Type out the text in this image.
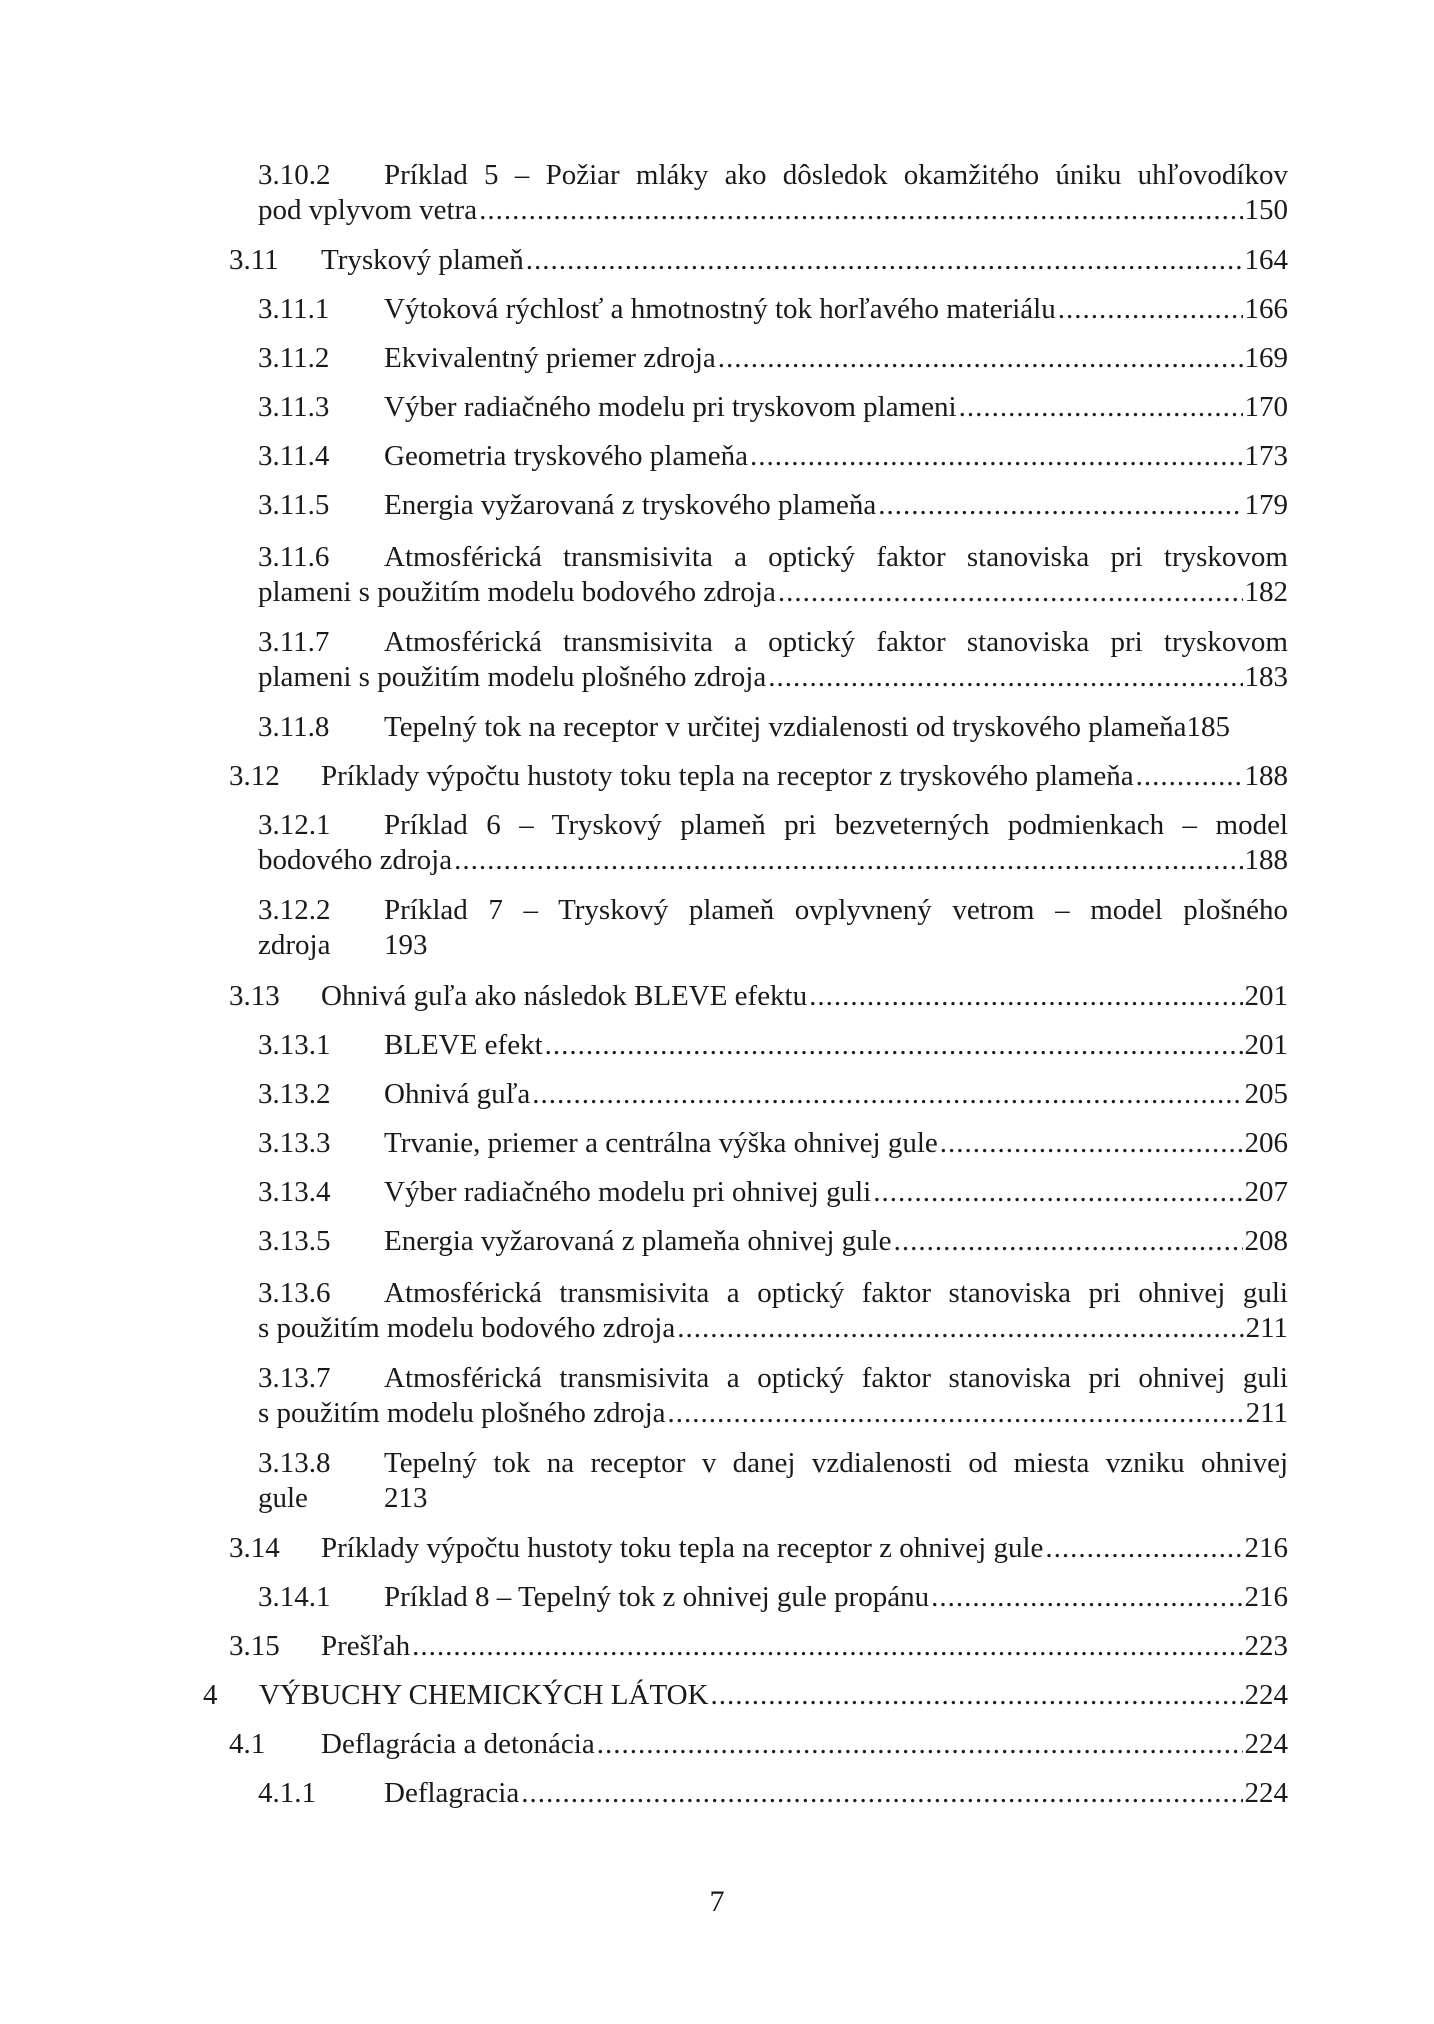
3.10.2 Príklad 5 – Požiar mláky ako dôsledok okamžitého úniku uhľovodíkov
pod vplyvom vetra .....	150
3.11 Tryskový plameň .....	164
3.11.1 Výtoková rýchlosť a hmotnostný tok horľavého materiálu .....	166
3.11.2 Ekvivalentný priemer zdroja .....	169
3.11.3 Výber radiačného modelu pri tryskovom plameni .....	170
3.11.4 Geometria tryskového plameňa .....	173
3.11.5 Energia vyžarovaná z tryskového plameňa .....	179
3.11.6 Atmosférická transmisivita a optický faktor stanoviska pri tryskovom
plameni s použitím modelu bodového zdroja .....	182
3.11.7 Atmosférická transmisivita a optický faktor stanoviska pri tryskovom
plameni s použitím modelu plošného zdroja .....	183
3.11.8 Tepelný tok na receptor v určitej vzdialenosti od tryskového plameňa 185
3.12 Príklady výpočtu hustoty toku tepla na receptor z tryskového plameňa .....	188
3.12.1 Príklad 6 – Tryskový plameň pri bezveterných podmienkach – model
bodového zdroja .....	188
3.12.2 Príklad 7 – Tryskový plameň ovplyvnený vetrom – model plošného
zdroja 193
3.13 Ohnivá guľa ako následok BLEVE efektu .....	201
3.13.1 BLEVE efekt .....	201
3.13.2 Ohnivá guľa .....	205
3.13.3 Trvanie, priemer a centrálna výška ohnivej gule .....	206
3.13.4 Výber radiačného modelu pri ohnivej guli .....	207
3.13.5 Energia vyžarovaná z plameňa ohnivej gule .....	208
3.13.6 Atmosférická transmisivita a optický faktor stanoviska pri ohnivej guli
s použitím modelu bodového zdroja .....	211
3.13.7 Atmosférická transmisivita a optický faktor stanoviska pri ohnivej guli
s použitím modelu plošného zdroja .....	211
3.13.8 Tepelný tok na receptor v danej vzdialenosti od miesta vzniku ohnivej
gule	213
3.14 Príklady výpočtu hustoty toku tepla na receptor z ohnivej gule .....	216
3.14.1 Príklad 8 – Tepelný tok z ohnivej gule propánu .....	216
3.15 Prešľah .....	223
4 VÝBUCHY CHEMICKÝCH LÁTOK .....	224
4.1 Deflagrácia a detonácia .....	224
4.1.1 Deflagracia .....	224
7
